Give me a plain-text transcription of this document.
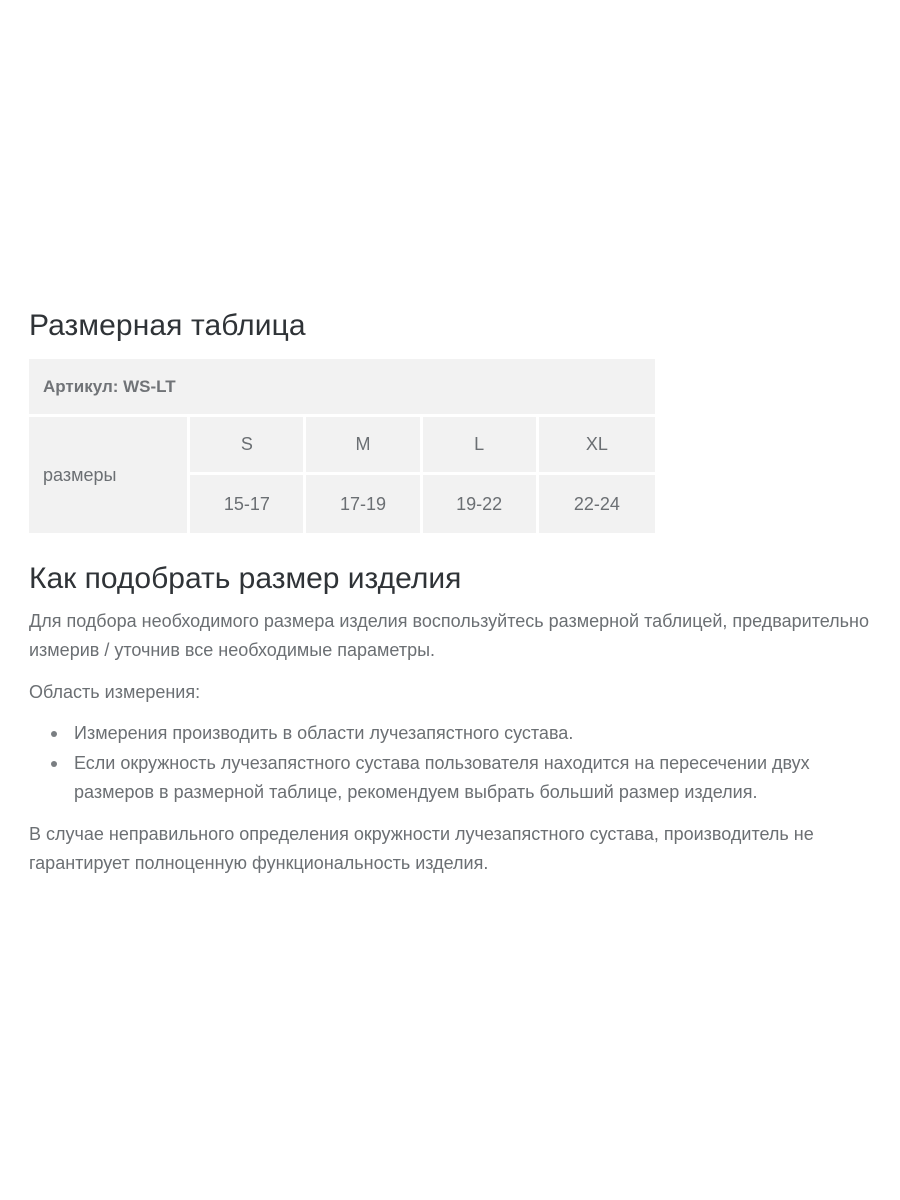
Размерная таблица
Артикул: WS-LT				
размеры	S	M	L	XL
	15-17	17-19	19-22	22-24
Как подобрать размер изделия

Для подбора необходимого размера изделия воспользуйтесь размерной таблицей, предварительно измерив / уточнив все необходимые параметры.

Область измерения:

Измерения производить в области лучезапястного сустава.
Если окружность лучезапястного сустава пользователя находится на пересечении двух размеров в размерной таблице, рекомендуем выбрать больший размер изделия.

В случае неправильного определения окружности лучезапястного сустава, производитель не гарантирует полноценную функциональность изделия.
